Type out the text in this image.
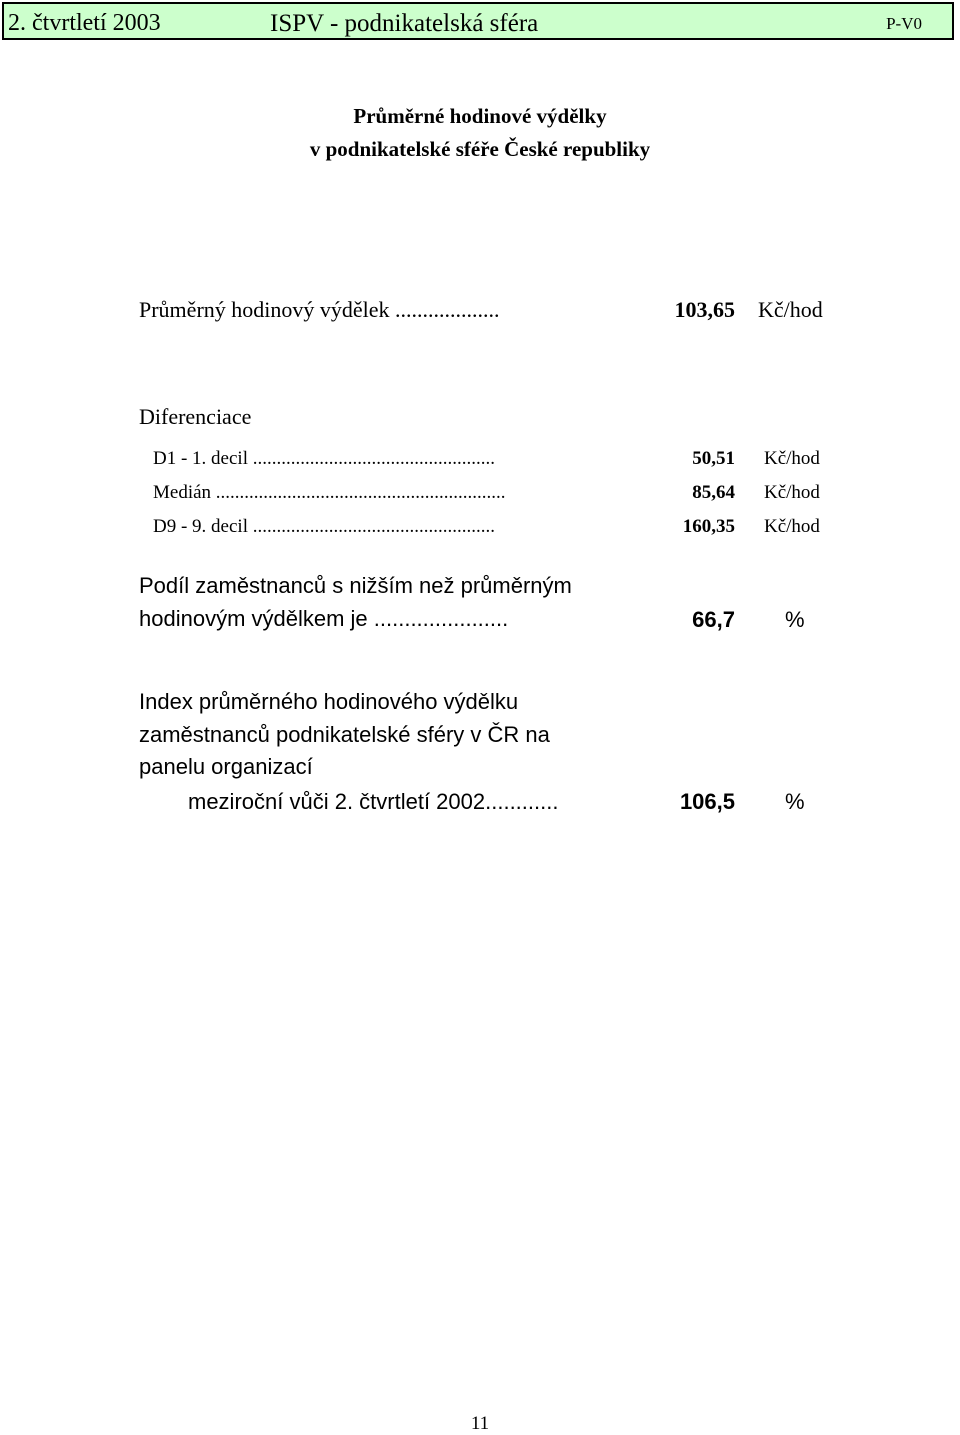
2. čtvrtletí 2003	ISPV - podnikatelská sféra	P-V0
Průměrné hodinové výdělky
v podnikatelské sféře České republiky
Průměrný hodinový výdělek ...................	103,65 Kč/hod
Diferenciace
D1 - 1. decil ...................................................	50,51 Kč/hod
Medián .............................................................	85,64 Kč/hod
D9 - 9. decil ...................................................	160,35 Kč/hod
Podíl zaměstnanců s nižším než průměrným
hodinovým výdělkem je ......................	66,7 %
Index průměrného hodinového výdělku
zaměstnanců podnikatelské sféry v ČR na
panelu organizací
meziroční vůči 2. čtvrtletí 2002............	106,5 %
11
